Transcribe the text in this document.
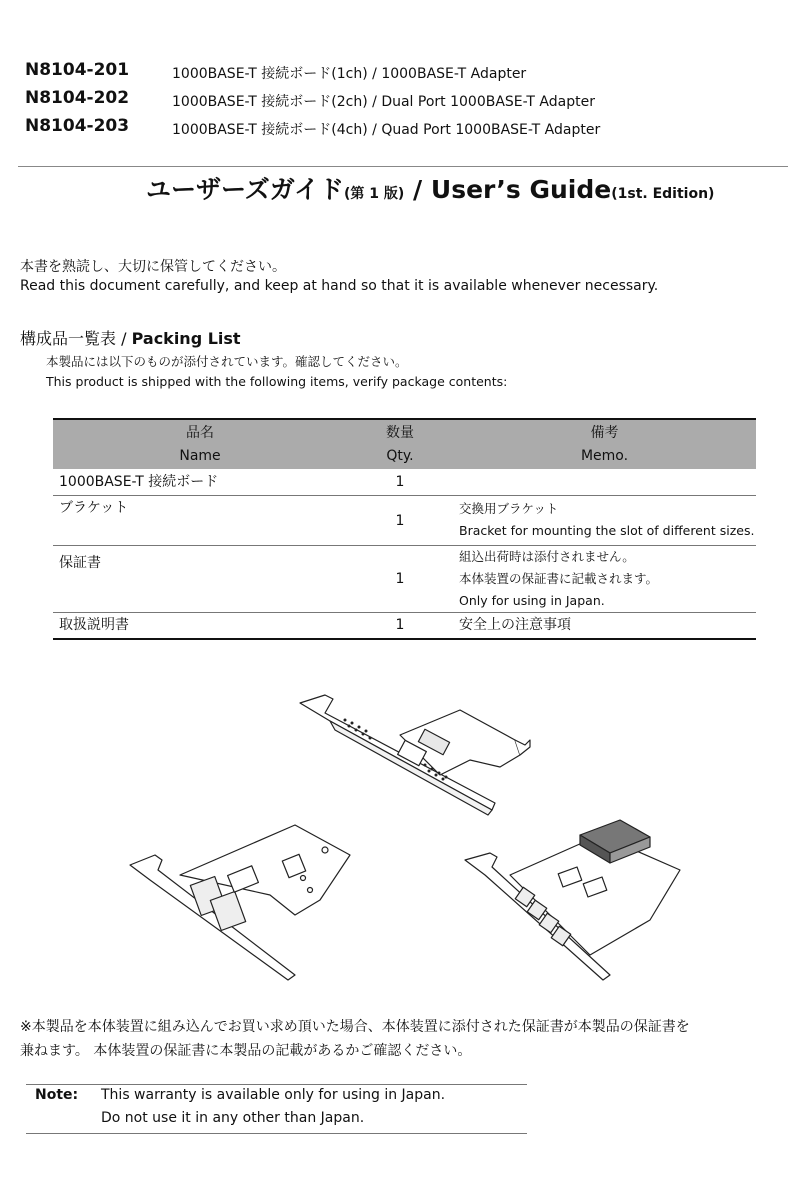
N8104-201	1000BASE-T 接続ボード(1ch) / 1000BASE-T Adapter
N8104-202	1000BASE-T 接続ボード(2ch) / Dual Port 1000BASE-T Adapter
N8104-203	1000BASE-T 接続ボード(4ch) / Quad Port 1000BASE-T Adapter
ユーザーズガイド(第 1 版) / User’s Guide(1st. Edition)
本書を熟読し、大切に保管してください。
Read this document carefully, and keep at hand so that it is available whenever necessary.
構成品一覧表 / Packing List
本製品には以下のものが添付されています。確認してください。
This product is shipped with the following items, verify package contents:
品名	数量	備考
Name	Qty.	Memo.
1000BASE-T 接続ボード	1	
ブラケット	1	交換用ブラケット
Bracket for mounting the slot of different sizes.

保証書	1	組込出荷時は添付されません。
本体装置の保証書に記載されます。
Only for using in Japan.

取扱説明書	1	安全上の注意事項
※本製品を本体装置に組み込んでお買い求め頂いた場合、本体装置に添付された保証書が本製品の保証書を
兼ねます。 本体装置の保証書に本製品の記載があるかご確認ください。
Note: This warranty is available only for using in Japan.
Do not use it in any other than Japan.
